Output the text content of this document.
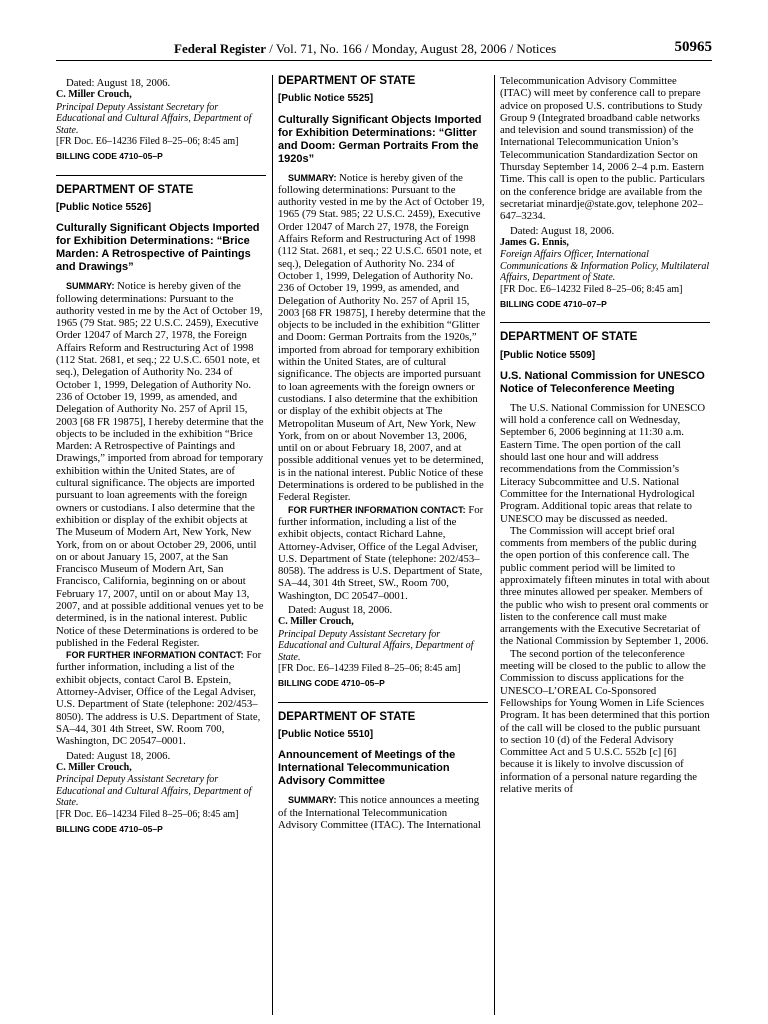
Federal Register / Vol. 71, No. 166 / Monday, August 28, 2006 / Notices	50965

Dated: August 18, 2006.

C. Miller Crouch,

Principal Deputy Assistant Secretary for Educational and Cultural Affairs, Department of State.

[FR Doc. E6–14236 Filed 8–25–06; 8:45 am]

BILLING CODE 4710–05–P

DEPARTMENT OF STATE

[Public Notice 5526]

Culturally Significant Objects Imported for Exhibition Determinations: “Brice Marden: A Retrospective of Paintings and Drawings”

SUMMARY: Notice is hereby given of the following determinations: Pursuant to the authority vested in me by the Act of October 19, 1965 (79 Stat. 985; 22 U.S.C. 2459), Executive Order 12047 of March 27, 1978, the Foreign Affairs Reform and Restructuring Act of 1998 (112 Stat. 2681, et seq.; 22 U.S.C. 6501 note, et seq.), Delegation of Authority No. 234 of October 1, 1999, Delegation of Authority No. 236 of October 19, 1999, as amended, and Delegation of Authority No. 257 of April 15, 2003 [68 FR 19875], I hereby determine that the objects to be included in the exhibition “Brice Marden: A Retrospective of Paintings and Drawings,” imported from abroad for temporary exhibition within the United States, are of cultural significance. The objects are imported pursuant to loan agreements with the foreign owners or custodians. I also determine that the exhibition or display of the exhibit objects at The Museum of Modern Art, New York, New York, from on or about October 29, 2006, until on or about January 15, 2007, at the San Francisco Museum of Modern Art, San Francisco, California, beginning on or about February 17, 2007, until on or about May 13, 2007, and at possible additional venues yet to be determined, is in the national interest. Public Notice of these Determinations is ordered to be published in the Federal Register.

FOR FURTHER INFORMATION CONTACT: For further information, including a list of the exhibit objects, contact Carol B. Epstein, Attorney-Adviser, Office of the Legal Adviser, U.S. Department of State (telephone: 202/453–8050). The address is U.S. Department of State, SA–44, 301 4th Street, SW. Room 700, Washington, DC 20547–0001.

Dated: August 18, 2006.

C. Miller Crouch,

Principal Deputy Assistant Secretary for Educational and Cultural Affairs, Department of State.

[FR Doc. E6–14234 Filed 8–25–06; 8:45 am]

BILLING CODE 4710–05–P

DEPARTMENT OF STATE

[Public Notice 5525]

Culturally Significant Objects Imported for Exhibition Determinations: “Glitter and Doom: German Portraits From the 1920s”

SUMMARY: Notice is hereby given of the following determinations: Pursuant to the authority vested in me by the Act of October 19, 1965 (79 Stat. 985; 22 U.S.C. 2459), Executive Order 12047 of March 27, 1978, the Foreign Affairs Reform and Restructuring Act of 1998 (112 Stat. 2681, et seq.; 22 U.S.C. 6501 note, et seq.), Delegation of Authority No. 234 of October 1, 1999, Delegation of Authority No. 236 of October 19, 1999, as amended, and Delegation of Authority No. 257 of April 15, 2003 [68 FR 19875], I hereby determine that the objects to be included in the exhibition “Glitter and Doom: German Portraits from the 1920s,” imported from abroad for temporary exhibition within the United States, are of cultural significance. The objects are imported pursuant to loan agreements with the foreign owners or custodians. I also determine that the exhibition or display of the exhibit objects at The Metropolitan Museum of Art, New York, New York, from on or about November 13, 2006, until on or about February 18, 2007, and at possible additional venues yet to be determined, is in the national interest. Public Notice of these Determinations is ordered to be published in the Federal Register.

FOR FURTHER INFORMATION CONTACT: For further information, including a list of the exhibit objects, contact Richard Lahne, Attorney-Adviser, Office of the Legal Adviser, U.S. Department of State (telephone: 202/453–8058). The address is U.S. Department of State, SA–44, 301 4th Street, SW., Room 700, Washington, DC 20547–0001.

Dated: August 18, 2006.

C. Miller Crouch,

Principal Deputy Assistant Secretary for Educational and Cultural Affairs, Department of State.

[FR Doc. E6–14239 Filed 8–25–06; 8:45 am]

BILLING CODE 4710–05–P

DEPARTMENT OF STATE

[Public Notice 5510]

Announcement of Meetings of the International Telecommunication Advisory Committee

SUMMARY: This notice announces a meeting of the International Telecommunication Advisory Committee (ITAC). The International

Telecommunication Advisory Committee (ITAC) will meet by conference call to prepare advice on proposed U.S. contributions to Study Group 9 (Integrated broadband cable networks and television and sound transmission) of the International Telecommunication Union’s Telecommunication Standardization Sector on Thursday September 14, 2006 2–4 p.m. Eastern Time. This call is open to the public. Particulars on the conference bridge are available from the secretariat minardje@state.gov, telephone 202–647–3234.

Dated: August 18, 2006.

James G. Ennis,

Foreign Affairs Officer, International Communications & Information Policy, Multilateral Affairs, Department of State.

[FR Doc. E6–14232 Filed 8–25–06; 8:45 am]

BILLING CODE 4710–07–P

DEPARTMENT OF STATE

[Public Notice 5509]

U.S. National Commission for UNESCO Notice of Teleconference Meeting

The U.S. National Commission for UNESCO will hold a conference call on Wednesday, September 6, 2006 beginning at 11:30 a.m. Eastern Time. The open portion of the call should last one hour and will address recommendations from the Commission’s Literacy Subcommittee and U.S. National Committee for the International Hydrological Program. Additional topic areas that relate to UNESCO may be discussed as needed.

The Commission will accept brief oral comments from members of the public during the open portion of this conference call. The public comment period will be limited to approximately fifteen minutes in total with about three minutes allowed per speaker. Members of the public who wish to present oral comments or listen to the conference call must make arrangements with the Executive Secretariat of the National Commission by September 1, 2006.

The second portion of the teleconference meeting will be closed to the public to allow the Commission to discuss applications for the UNESCO–L’OREAL Co-Sponsored Fellowships for Young Women in Life Sciences Program. It has been determined that this portion of the call will be closed to the public pursuant to section 10 (d) of the Federal Advisory Committee Act and 5 U.S.C. 552b [c] [6] because it is likely to involve discussion of information of a personal nature regarding the relative merits of
